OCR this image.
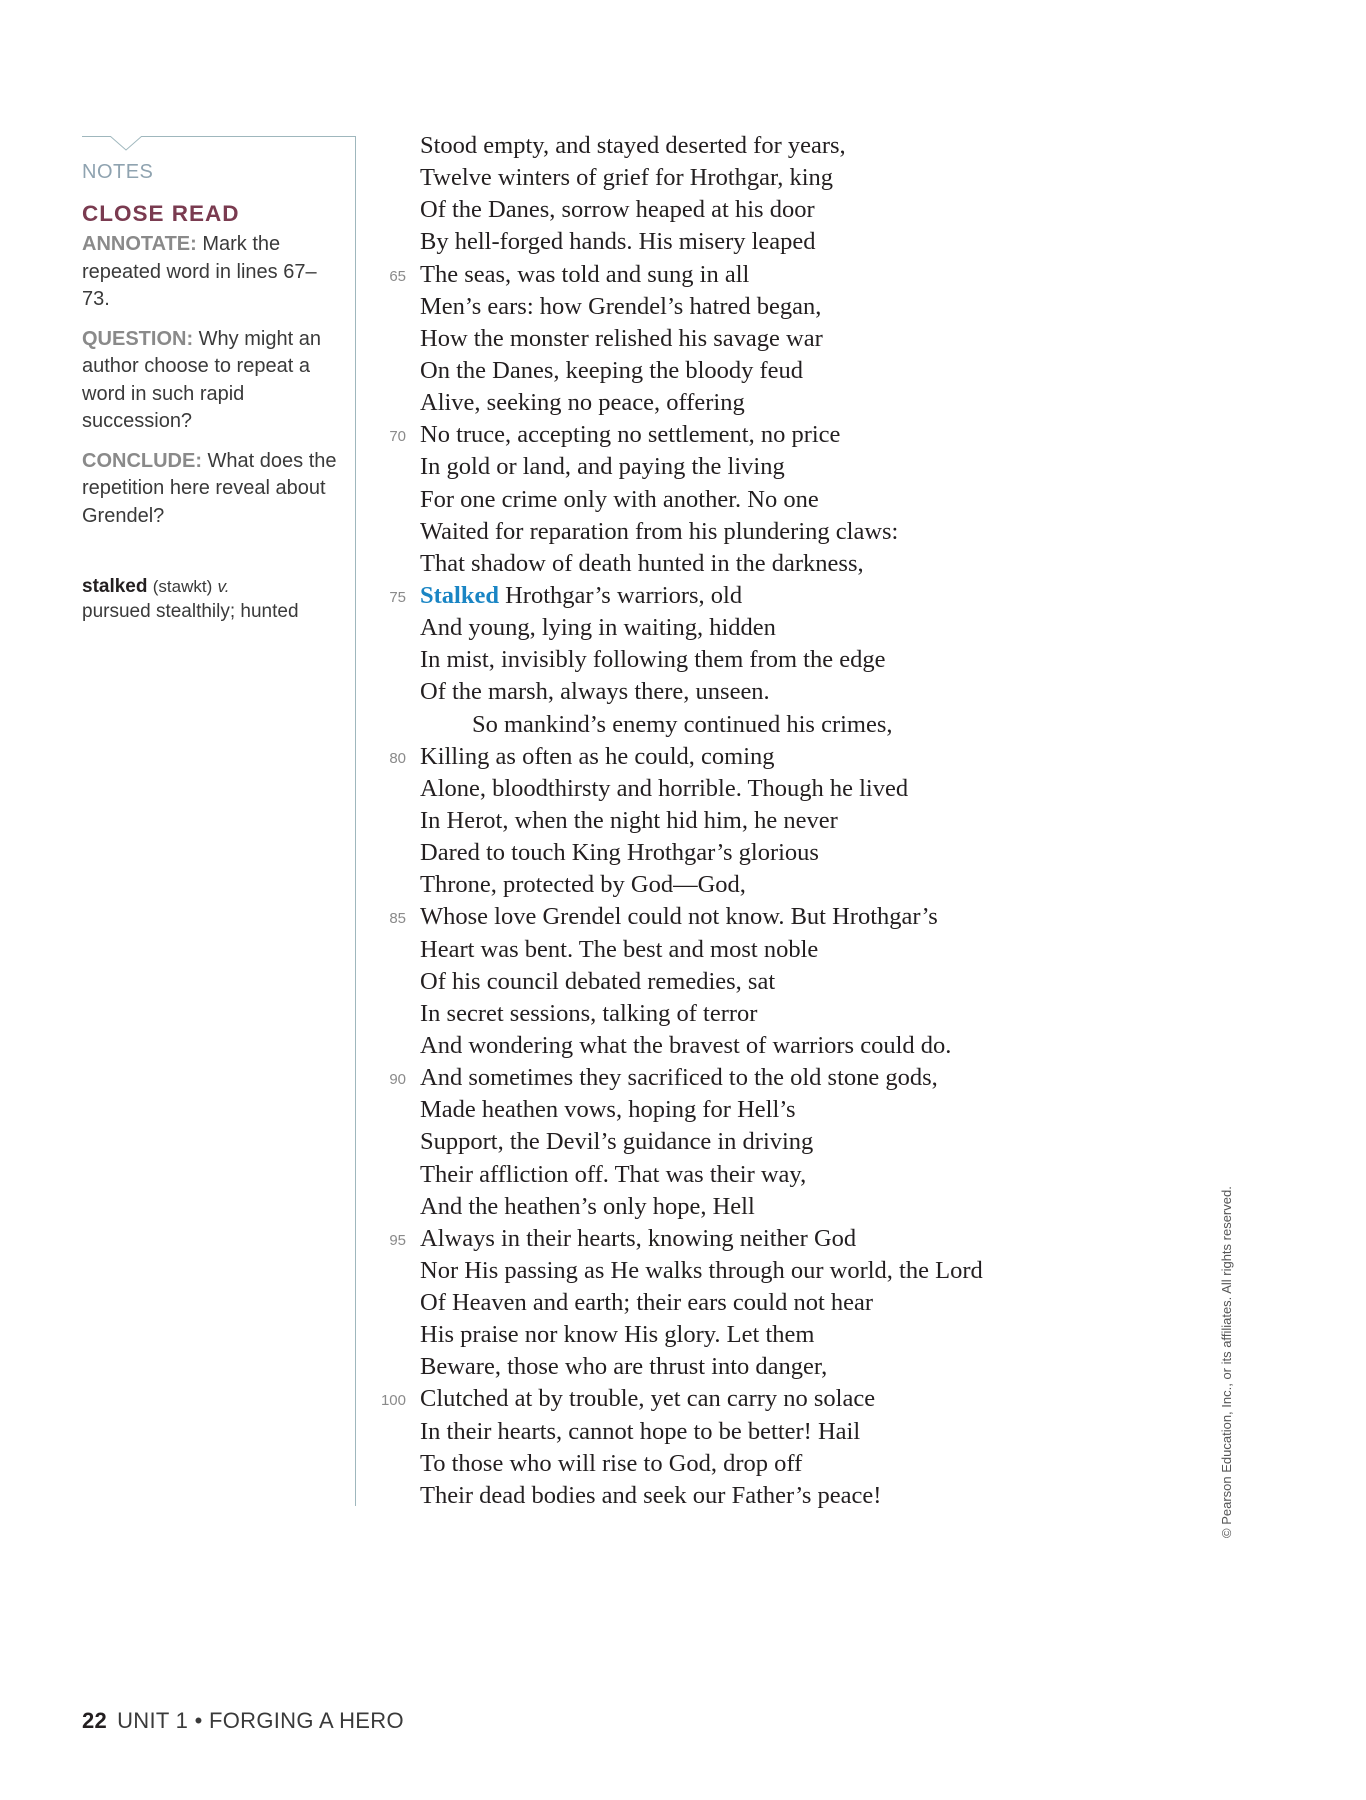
NOTES
CLOSE READ

ANNOTATE: Mark the repeated word in lines 67–73.

QUESTION: Why might an author choose to repeat a word in such rapid succession?

CONCLUDE: What does the repetition here reveal about Grendel?

stalked (stawkt) v.
pursued stealthily; hunted
Stood empty, and stayed deserted for years,
Twelve winters of grief for Hrothgar, king
Of the Danes, sorrow heaped at his door
By hell-forged hands. His misery leaped
65 The seas, was told and sung in all
Men’s ears: how Grendel’s hatred began,
How the monster relished his savage war
On the Danes, keeping the bloody feud
Alive, seeking no peace, offering
70 No truce, accepting no settlement, no price
In gold or land, and paying the living
For one crime only with another. No one
Waited for reparation from his plundering claws:
That shadow of death hunted in the darkness,
75 Stalked Hrothgar’s warriors, old
And young, lying in waiting, hidden
In mist, invisibly following them from the edge
Of the marsh, always there, unseen.
So mankind’s enemy continued his crimes,
80 Killing as often as he could, coming
Alone, bloodthirsty and horrible. Though he lived
In Herot, when the night hid him, he never
Dared to touch King Hrothgar’s glorious
Throne, protected by God—God,
85 Whose love Grendel could not know. But Hrothgar’s
Heart was bent. The best and most noble
Of his council debated remedies, sat
In secret sessions, talking of terror
And wondering what the bravest of warriors could do.
90 And sometimes they sacrificed to the old stone gods,
Made heathen vows, hoping for Hell’s
Support, the Devil’s guidance in driving
Their affliction off. That was their way,
And the heathen’s only hope, Hell
95 Always in their hearts, knowing neither God
Nor His passing as He walks through our world, the Lord
Of Heaven and earth; their ears could not hear
His praise nor know His glory. Let them
Beware, those who are thrust into danger,
100 Clutched at by trouble, yet can carry no solace
In their hearts, cannot hope to be better! Hail
To those who will rise to God, drop off
Their dead bodies and seek our Father’s peace!	© Pearson Education, Inc., or its affiliates. All rights reserved.
22 UNIT 1 • FORGING A HERO
